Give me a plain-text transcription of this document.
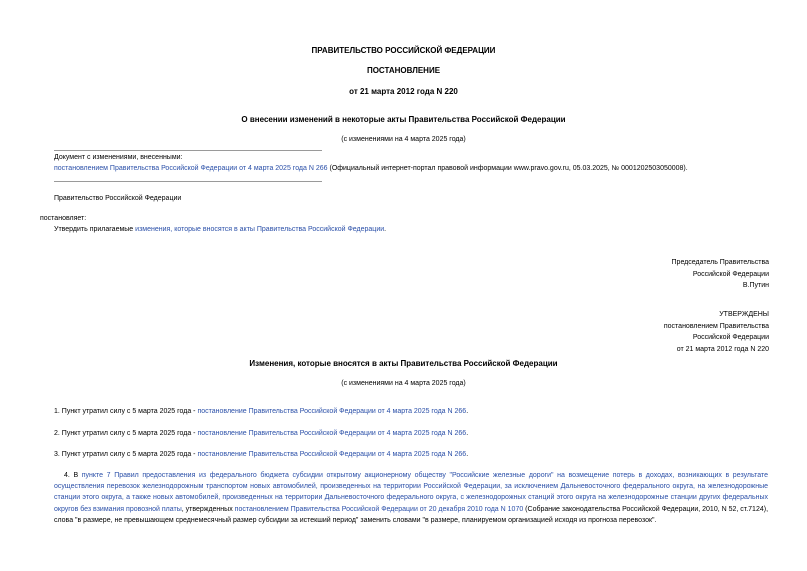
ПРАВИТЕЛЬСТВО РОССИЙСКОЙ ФЕДЕРАЦИИ
ПОСТАНОВЛЕНИЕ
от 21 марта 2012 года N 220
О внесении изменений в некоторые акты Правительства Российской Федерации
(с изменениями на 4 марта 2025 года)
Документ с изменениями, внесенными:
постановлением Правительства Российской Федерации от 4 марта 2025 года N 266 (Официальный интернет-портал правовой информации www.pravo.gov.ru, 05.03.2025, № 0001202503050008).
Правительство Российской Федерации
постановляет:
Утвердить прилагаемые изменения, которые вносятся в акты Правительства Российской Федерации.
Председатель Правительства
Российской Федерации
В.Путин
УТВЕРЖДЕНЫ
постановлением Правительства
Российской Федерации
от 21 марта 2012 года N 220
Изменения, которые вносятся в акты Правительства Российской Федерации
(с изменениями на 4 марта 2025 года)
1. Пункт утратил силу с 5 марта 2025 года - постановление Правительства Российской Федерации от 4 марта 2025 года N 266.
2. Пункт утратил силу с 5 марта 2025 года - постановление Правительства Российской Федерации от 4 марта 2025 года N 266.
3. Пункт утратил силу с 5 марта 2025 года - постановление Правительства Российской Федерации от 4 марта 2025 года N 266.
4. В пункте 7 Правил предоставления из федерального бюджета субсидии открытому акционерному обществу "Российские железные дороги" на возмещение потерь в доходах, возникающих в результате осуществления перевозок железнодорожным транспортом новых автомобилей, произведенных на территории Российской Федерации, за исключением Дальневосточного федерального округа, на железнодорожные станции этого округа, а также новых автомобилей, произведенных на территории Дальневосточного федерального округа, с железнодорожных станций этого округа на железнодорожные станции других федеральных округов без взимания провозной платы, утвержденных постановлением Правительства Российской Федерации от 20 декабря 2010 года N 1070 (Собрание законодательства Российской Федерации, 2010, N 52, ст.7124), слова "в размере, не превышающем среднемесячный размер субсидии за истекший период" заменить словами "в размере, планируемом организацией исходя из прогноза перевозок".
